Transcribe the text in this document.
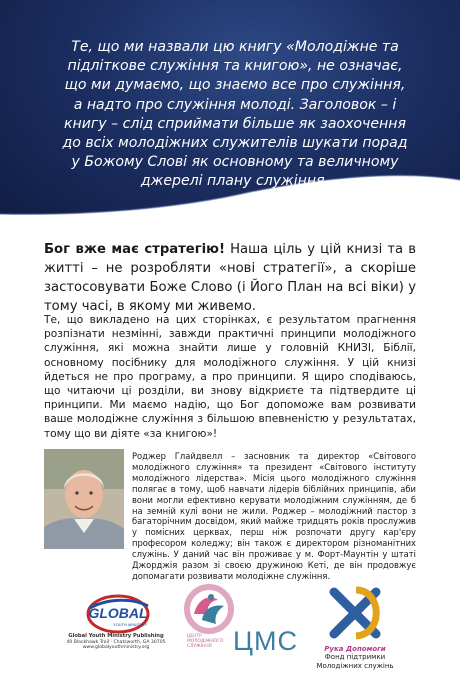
Те, що ми назвали цю книгу «Молодіжне та підліткове служіння та книгою», не означає, що ми думаємо, що знаємо все про служіння, а надто про служіння молоді. Заголовок – і книгу – слід сприймати більше як заохочення до всіх молодіжних служителів шукати порад у Божому Слові як основному та величному джерелі плану служіння.

Бог вже має стратегію! Наша ціль у цій книзі та в житті – не розробляти «нові стратегії», а скоріше застосовувати Боже Слово (і Його План на всі віки) у тому часі, в якому ми живемо.

Те, що викладено на цих сторінках, є результатом прагнення розпізнати незмінні, завжди практичні принципи молодіжного служіння, які можна знайти лише у головній КНИЗІ, Біблії, основному посібнику для молодіжного служіння. У цій книзі йдеться не про програму, а про принципи. Я щиро сподіваюсь, що читаючи ці розділи, ви знову відкриєте та підтвердите ці принципи. Ми маємо надію, що Бог допоможе вам розвивати ваше молодіжне служіння з більшою впевненістю у результатах, тому що ви діяте «за книгою»!

Роджер Глайдвелл – засновник та директор «Світового молодіжного служіння» та президент «Світового інституту молодіжного лідерства». Місія цього молодіжного служіння полягає в тому, щоб навчати лідерів біблійних принципів, аби вони могли ефективно керувати молодіжним служінням, де б на земній кулі вони не жили. Роджер – молодіжний пастор з багаторічним досвідом, який майже тридцять років прослужив у помісних церквах, перш ніж розпочати другу кар'єру професором коледжу; він також є директором різноманітних служінь. У даний час він проживає у м. Форт-Маунтін у штаті Джорджія разом зі своєю дружиною Кеті, де він продовжує допомагати розвивати молодіжне служіння.

GLOBAL
YOUTH MINISTRY
Global Youth Ministry Publishing
40 Blackhawk Trail · Chatsworth, GA 30705
www.globalyouthministry.org
ЦЕНТР
МОЛОДІЖНОГО
СЛУЖІННЯ ЦМС	Рука Допомоги
Фонд підтримки
Молодіжних служінь
